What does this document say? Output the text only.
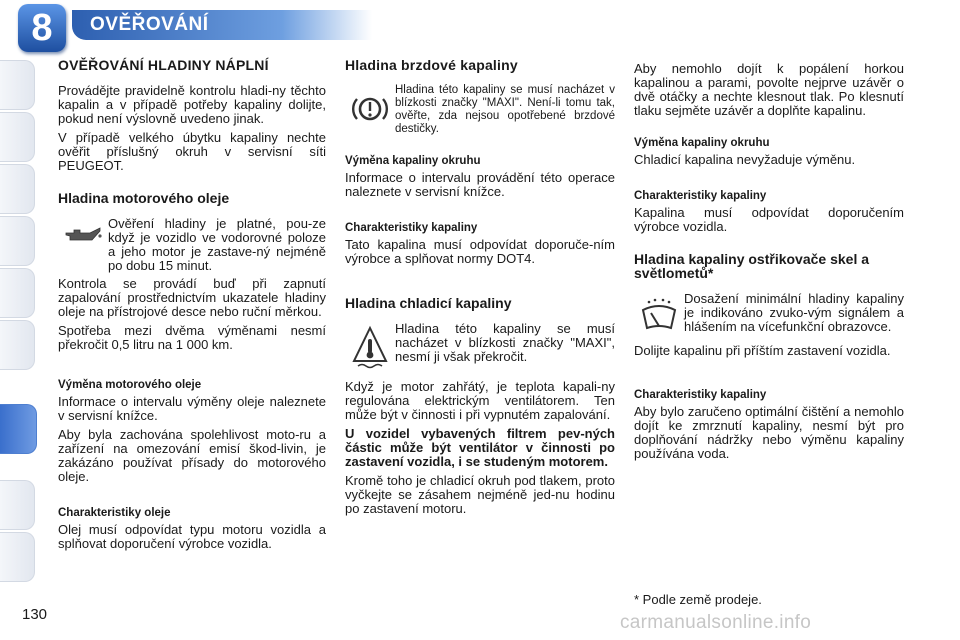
8	OVĚŘOVÁNÍ
OVĚŘOVÁNÍ HLADINY NÁPLNÍ

Provádějte pravidelně kontrolu hladi-ny těchto kapalin a v případě potřeby kapaliny dolijte, pokud není výslovně uvedeno jinak.

V případě velkého úbytku kapaliny nechte ověřit příslušný okruh v servisní síti PEUGEOT.

Hladina motorového oleje
Ověření hladiny je platné, pou-ze když je vozidlo ve vodorovné poloze a jeho motor je zastave-ný nejméně po dobu 15 minut.

Kontrola se provádí buď při zapnutí zapalování prostřednictvím ukazatele hladiny oleje na přístrojové desce nebo ruční měrkou.

Spotřeba mezi dvěma výměnami nesmí překročit 0,5 litru na 1 000 km.

Výměna motorového oleje

Informace o intervalu výměny oleje naleznete v servisní knížce.

Aby byla zachována spolehlivost moto-ru a zařízení na omezování emisí škod-livin, je zakázáno používat přísady do motorového oleje.

Charakteristiky oleje

Olej musí odpovídat typu motoru vozidla a splňovat doporučení výrobce vozidla.

Hladina brzdové kapaliny
Hladina této kapaliny se musí nacházet v blízkosti značky "MAXI". Není-li tomu tak, ověřte, zda nejsou opotřebené brzdové destičky.
Výměna kapaliny okruhu

Informace o intervalu provádění této operace naleznete v servisní knížce.

Charakteristiky kapaliny

Tato kapalina musí odpovídat doporuče-ním výrobce a splňovat normy DOT4.

Hladina chladicí kapaliny
Hladina této kapaliny se musí nacházet v blízkosti značky "MAXI", nesmí ji však překročit.

Když je motor zahřátý, je teplota kapali-ny regulována elektrickým ventilátorem. Ten může být v činnosti i při vypnutém zapalování.

U vozidel vybavených filtrem pev-ných částic může být ventilátor v činnosti po zastavení vozidla, i se studeným motorem.

Kromě toho je chladicí okruh pod tlakem, proto vyčkejte se zásahem nejméně jed-nu hodinu po zastavení motoru.

Aby nemohlo dojít k popálení horkou kapalinou a parami, povolte nejprve uzávěr o dvě otáčky a nechte klesnout tlak. Po klesnutí tlaku sejměte uzávěr a doplňte kapalinu.

Výměna kapaliny okruhu

Chladicí kapalina nevyžaduje výměnu.

Charakteristiky kapaliny

Kapalina musí odpovídat doporučením výrobce vozidla.

Hladina kapaliny ostřikovače skel a světlometů*
Dosažení minimální hladiny kapaliny je indikováno zvuko-vým signálem a hlášením na vícefunkční obrazovce.

Dolijte kapalinu při příštím zastavení vozidla.

Charakteristiky kapaliny

Aby bylo zaručeno optimální čištění a nemohlo dojít ke zmrznutí kapaliny, nesmí být pro doplňování nádržky nebo výměnu kapaliny používána voda.

* Podle země prodeje.
130	carmanualsonline.info
